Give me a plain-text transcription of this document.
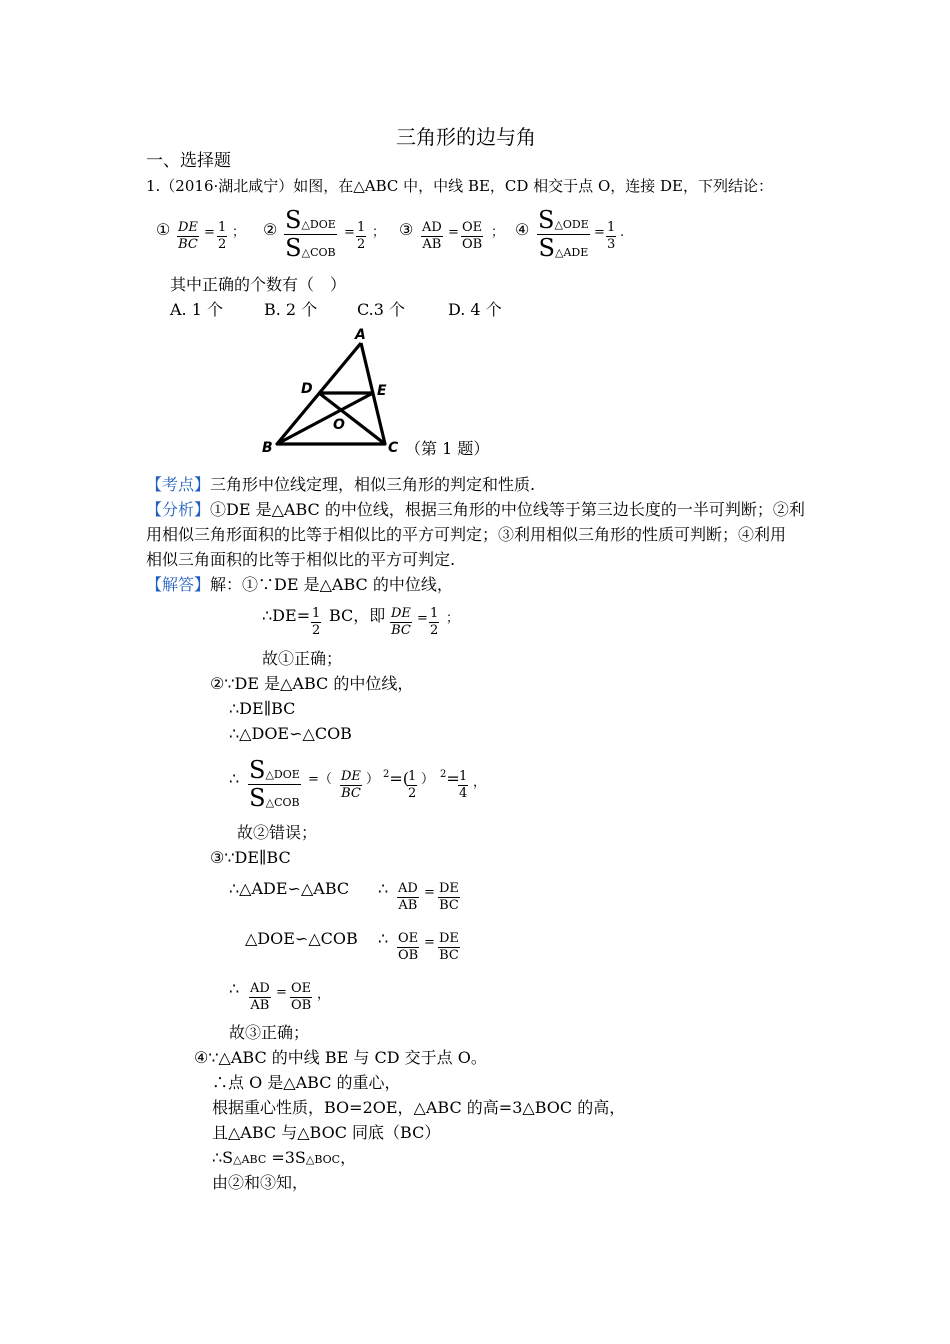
三角形的边与角
一、选择题
1.（2016·湖北咸宁）如图，在△ABC 中，中线 BE，CD 相交于点 O，连接 DE，下列结论：
① $\frac{DE}{BC} = \frac{1}{2}$ ； ② S△DOE
S△COB
= $\frac{1}{2}$ ； ③ $\frac{AD}{AB} = \frac{OE}{OB}$ ； ④ S△ODE
S△ADE
= $\frac{1}{3}$ .
其中正确的个数有（　）
A. 1 个	B. 2 个 C.3 个	D. 4 个
A
B	C
D	E
O
（第 1 题）
【考点】三角形中位线定理，相似三角形的判定和性质.
【分析】①DE 是△ABC 的中位线，根据三角形的中位线等于第三边长度的一半可判断；②利
用相似三角形面积的比等于相似比的平方可判定；③利用相似三角形的性质可判断；④利用
相似三角面积的比等于相似比的平方可判定.
【解答】解：①∵DE 是△ABC 的中位线，
∴DE= $\frac{1}{2}$ BC，即 $\frac{DE}{BC} = \frac{1}{2}$ ；
故①正确；
②∵DE 是△ABC 的中位线，
∴DE∥BC
∴△DOE∽△COB
∴ S△DOE
S△COB
=（ $\frac{DE}{BC}$ ） $^2$=(
$\frac{1}{2}$ ） $^2$=
$\frac{1}{4}$ ，
故②错误；
③∵DE∥BC
∴△ADE∽△ABC ∴ $\frac{AD}{AB} = \frac{DE}{BC}$
△DOE∽△COB ∴ $\frac{OE}{OB} = \frac{DE}{BC}$
∴ $\frac{AD}{AB} = \frac{OE}{OB}$ ，
故③正确；
④∵△ABC 的中线 BE 与 CD 交于点 O。
∴点 O 是△ABC 的重心，
根据重心性质，BO=2OE，△ABC 的高=3△BOC 的高，
且△ABC 与△BOC 同底（BC）
∴S△ABC =3S△BOC，
由②和③知，
